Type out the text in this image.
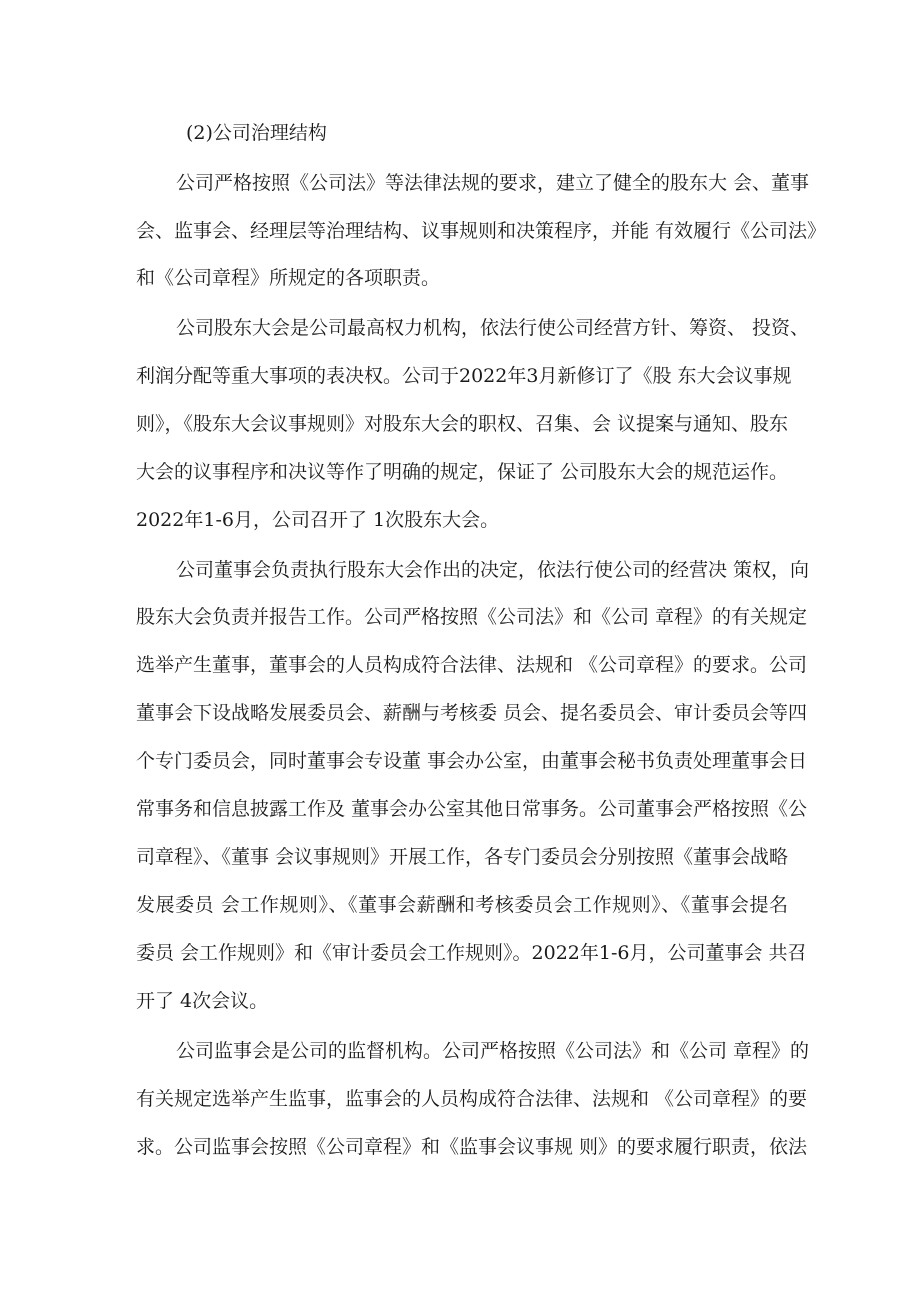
(2)公司治理结构
公司严格按照《公司法》等法律法规的要求，建立了健全的股东大 会、董事
会、监事会、经理层等治理结构、议事规则和决策程序，并能 有效履行《公司法》
和《公司章程》所规定的各项职责。
公司股东大会是公司最高权力机构，依法行使公司经营方针、筹资、 投资、
利润分配等重大事项的表决权。公司于2022年3月新修订了《股 东大会议事规
则》，《股东大会议事规则》对股东大会的职权、召集、会 议提案与通知、股东
大会的议事程序和决议等作了明确的规定，保证了 公司股东大会的规范运作。
2022年1-6月，公司召开了 1次股东大会。
公司董事会负责执行股东大会作出的决定，依法行使公司的经营决 策权，向
股东大会负责并报告工作。公司严格按照《公司法》和《公司 章程》的有关规定
选举产生董事，董事会的人员构成符合法律、法规和 《公司章程》的要求。公司
董事会下设战略发展委员会、薪酬与考核委 员会、提名委员会、审计委员会等四
个专门委员会，同时董事会专设董 事会办公室，由董事会秘书负责处理董事会日
常事务和信息披露工作及 董事会办公室其他日常事务。公司董事会严格按照《公
司章程》、《董事 会议事规则》开展工作，各专门委员会分别按照《董事会战略
发展委员 会工作规则》、《董事会薪酬和考核委员会工作规则》、《董事会提名
委员 会工作规则》和《审计委员会工作规则》。2022年1-6月，公司董事会 共召
开了 4次会议。
公司监事会是公司的监督机构。公司严格按照《公司法》和《公司 章程》的
有关规定选举产生监事，监事会的人员构成符合法律、法规和 《公司章程》的要
求。公司监事会按照《公司章程》和《监事会议事规 则》的要求履行职责，依法
